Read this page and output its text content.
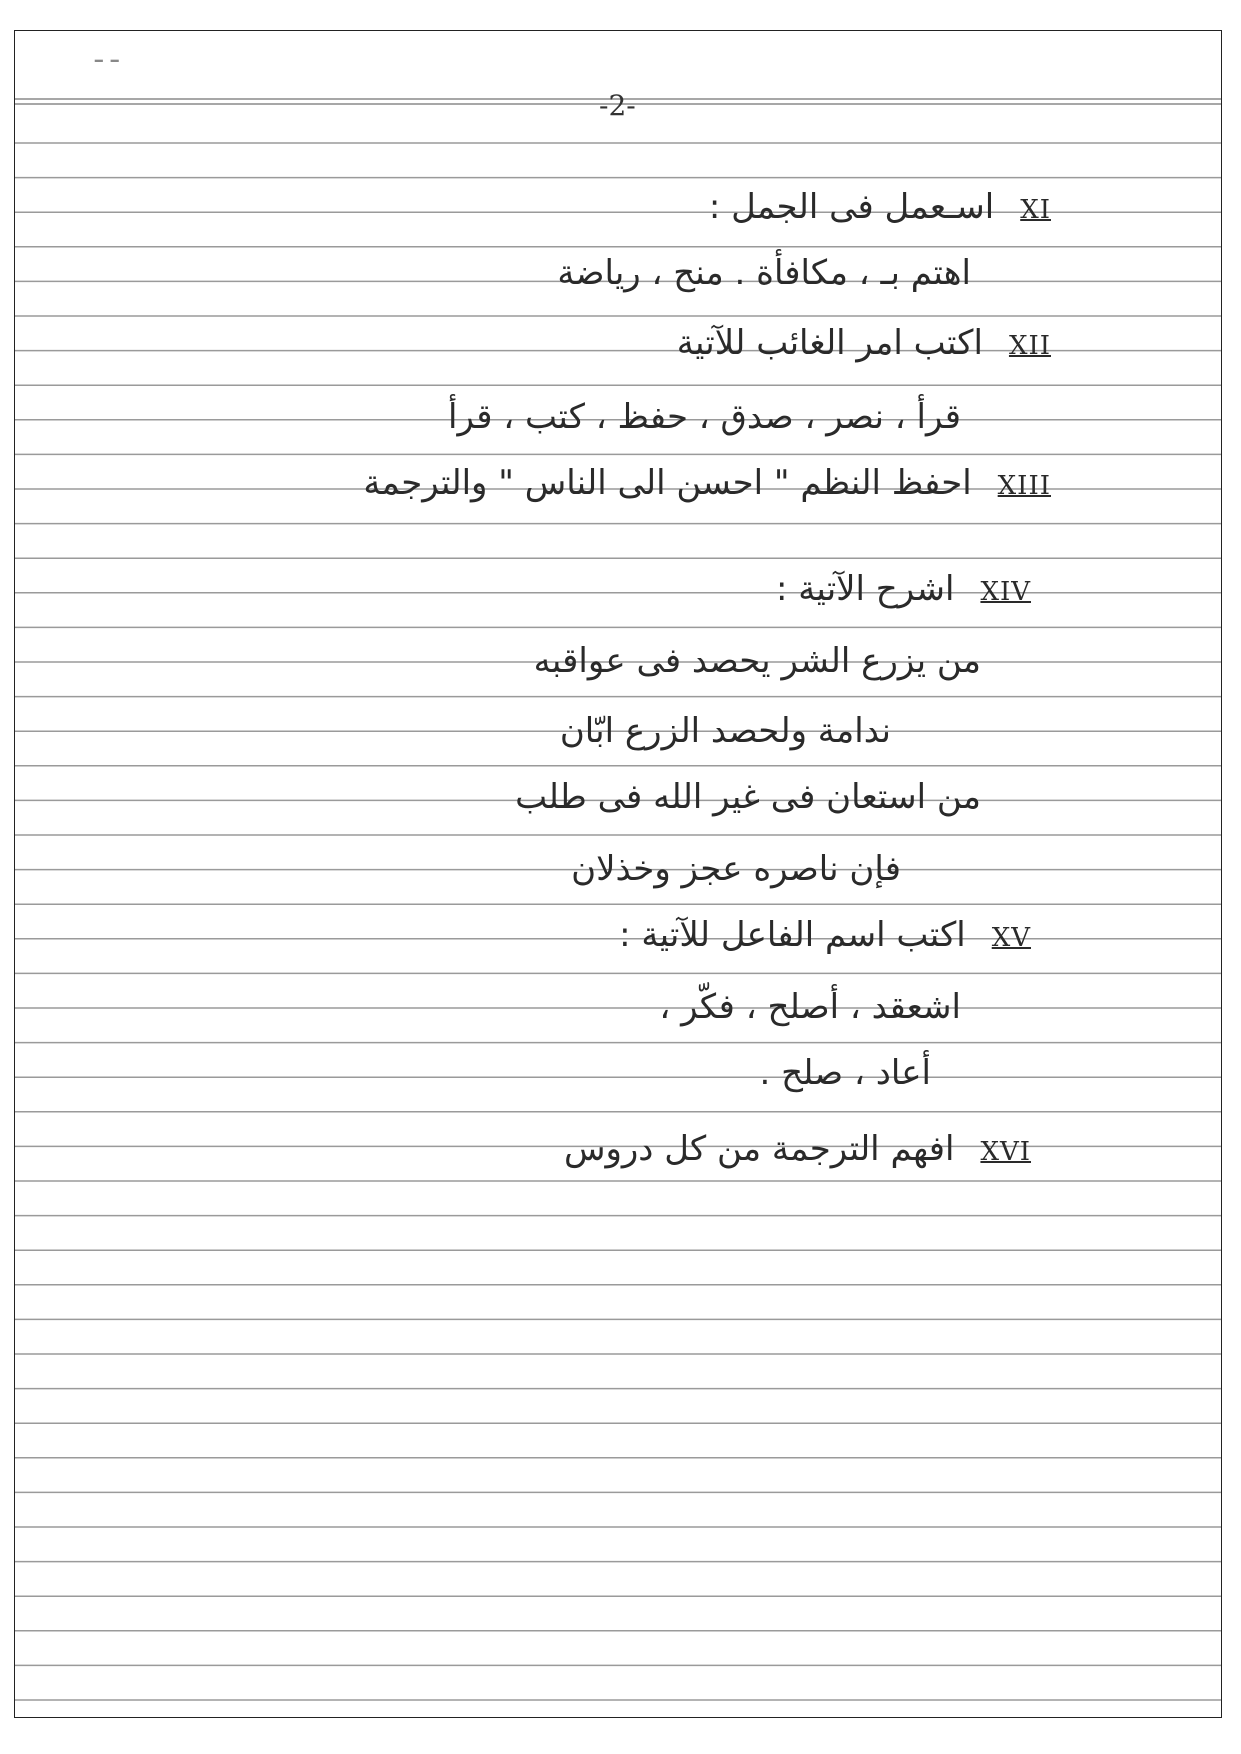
ـ ـ
-2-
XIاسـعمل فى الجمل :
اهتم بـ ، مكافأة . منح ، رياضة
XIIاكتب امر الغائب للآتية
قرأ ، نصر ، صدق ، حفظ ، كتب ، قرأ
XIIIاحفظ النظم " احسن الى الناس " والترجمة
XIVاشرح الآتية :
من يزرع الشر يحصد فى عواقبه
ندامة ولحصد الزرع ابّان
من استعان فى غير الله فى طلب
فإن ناصره عجز وخذلان
XVاكتب اسم الفاعل للآتية :
اشعقد ، أصلح ، فكّر ،
أعاد ، صلح .
XVIافهم الترجمة من كل دروس
